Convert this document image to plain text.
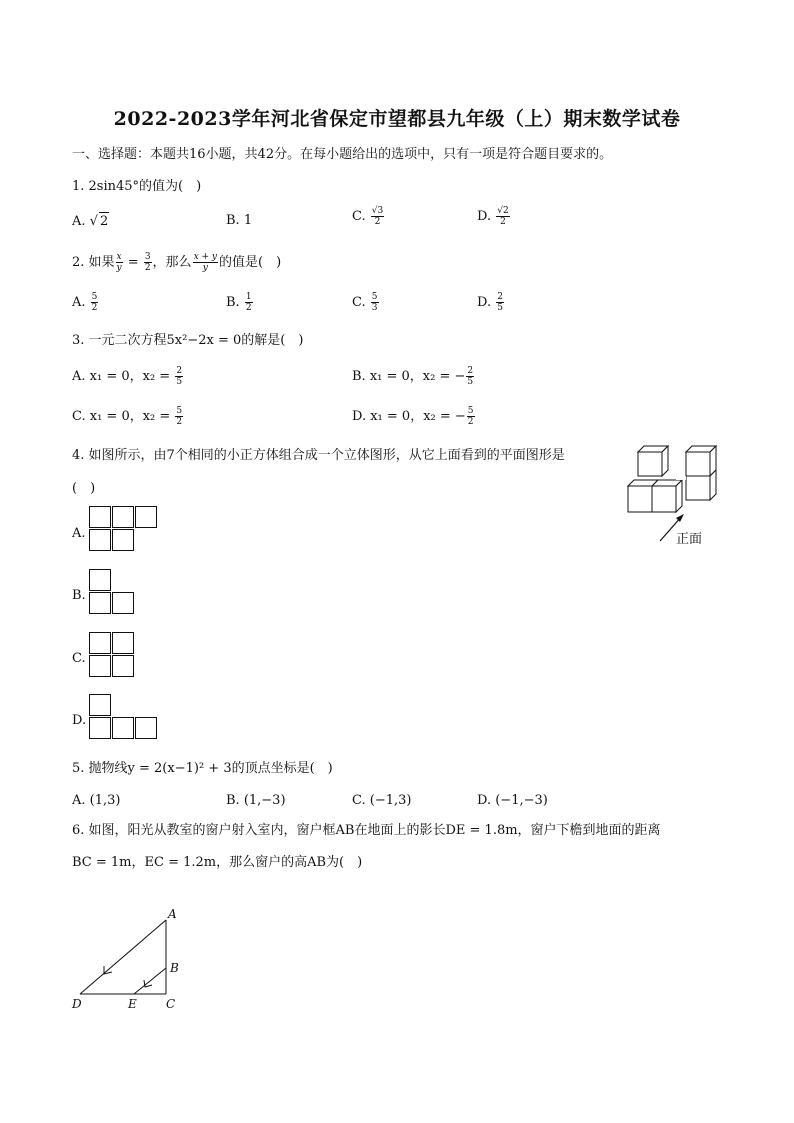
2022-2023学年河北省保定市望都县九年级（上）期末数学试卷
一、选择题：本题共16小题，共42分。在每小题给出的选项中，只有一项是符合题目要求的。
1. 2sin45°的值为(　)
A. √ 2	B. 1	C. $\frac{√3}{2}$	D. $\frac{√2}{2}$
2. 如果 $\frac{x}{y} = \frac{3}{2}$ ，那么 $\frac{x + y}{y}$ 的值是(　)
A. $\frac{5}{2}$	B. $\frac{1}{2}$	C. $\frac{5}{3}$	D. $\frac{2}{5}$
3. 一元二次方程5x²−2x = 0的解是(　)
A. x₁ = 0，$x_2 = \frac{2}{5}$	B. x₁ = 0，x₂ = − $\frac{2}{5}$
C. x₁ = 0，$x_2 = \frac{5}{2}$	D. x₁ = 0，x₂ = − $\frac{5}{2}$
4. 如图所示，由7个相同的小正方体组合成一个立体图形，从它上面看到的平面图形是
(　)
正面
A.
B.
C.
D.
5. 抛物线y = 2(x−1)² + 3的顶点坐标是(　)
A. (1,3)	B. (1,−3)	C. (−1,3)	D. (−1,−3)
6. 如图，阳光从教室的窗户射入室内，窗户框AB在地面上的影长DE = 1.8m，窗户下檐到地面的距离
BC = 1m，EC = 1.2m，那么窗户的高AB为(　)
A
B
C
D	E
